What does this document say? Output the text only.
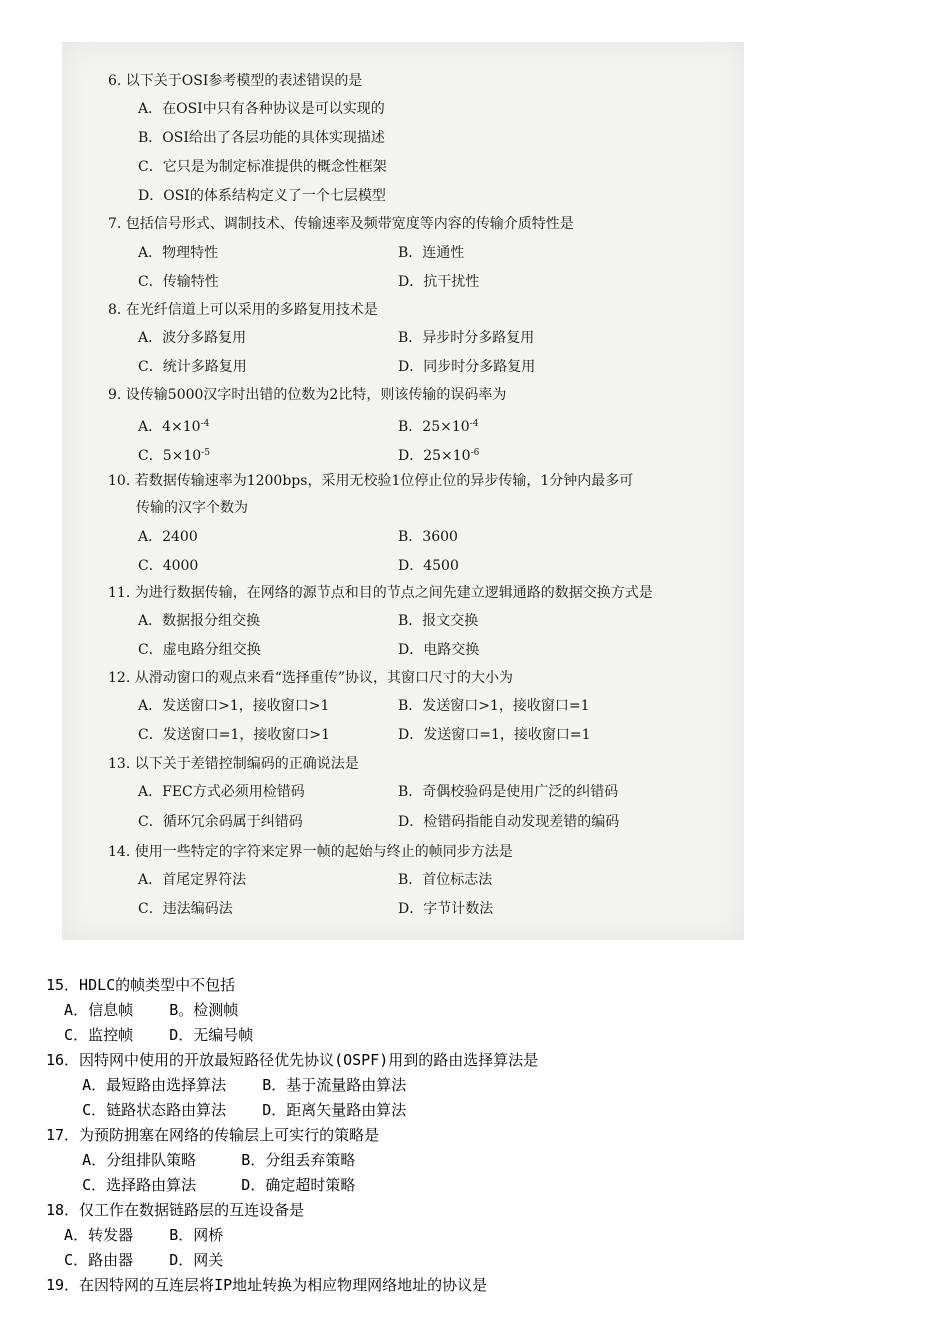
6. 以下关于OSI参考模型的表述错误的是
A．在OSI中只有各种协议是可以实现的
B．OSI给出了各层功能的具体实现描述
C．它只是为制定标准提供的概念性框架
D．OSI的体系结构定义了一个七层模型
7. 包括信号形式、调制技术、传输速率及频带宽度等内容的传输介质特性是
A．物理特性	B．连通性
C．传输特性	D．抗干扰性
8. 在光纤信道上可以采用的多路复用技术是
A．波分多路复用	B．异步时分多路复用
C．统计多路复用	D．同步时分多路复用
9. 设传输5000汉字时出错的位数为2比特，则该传输的误码率为
A．$4\times 10^{-4}$	B．$25\times 10^{-4}$
C．$5\times 10^{-5}$	D．$25\times 10^{-6}$
10. 若数据传输速率为1200bps，采用无校验1位停止位的异步传输，1分钟内最多可
传输的汉字个数为
A．2400	B．3600
C．4000	D．4500
11. 为进行数据传输，在网络的源节点和目的节点之间先建立逻辑通路的数据交换方式是
A．数据报分组交换	B．报文交换
C．虚电路分组交换	D．电路交换
12. 从滑动窗口的观点来看“选择重传”协议，其窗口尺寸的大小为
A．发送窗口>1，接收窗口>1	B．发送窗口>1，接收窗口=1
C．发送窗口=1，接收窗口>1	D．发送窗口=1，接收窗口=1
13. 以下关于差错控制编码的正确说法是
A．FEC方式必须用检错码	B．奇偶校验码是使用广泛的纠错码
C．循环冗余码属于纠错码	D．检错码指能自动发现差错的编码
14. 使用一些特定的字符来定界一帧的起始与终止的帧同步方法是
A．首尾定界符法	B．首位标志法
C．违法编码法	D．字节计数法
15．HDLC的帧类型中不包括
A．信息帧    B。检测帧
C．监控帧    D．无编号帧
16．因特网中使用的开放最短路径优先协议(OSPF)用到的路由选择算法是
A．最短路由选择算法    B．基于流量路由算法
C．链路状态路由算法    D．距离矢量路由算法
17．为预防拥塞在网络的传输层上可实行的策略是
A．分组排队策略     B．分组丢弃策略
C．选择路由算法     D．确定超时策略
18．仅工作在数据链路层的互连设备是
A．转发器    B．网桥
C．路由器    D．网关
19．在因特网的互连层将IP地址转换为相应物理网络地址的协议是
